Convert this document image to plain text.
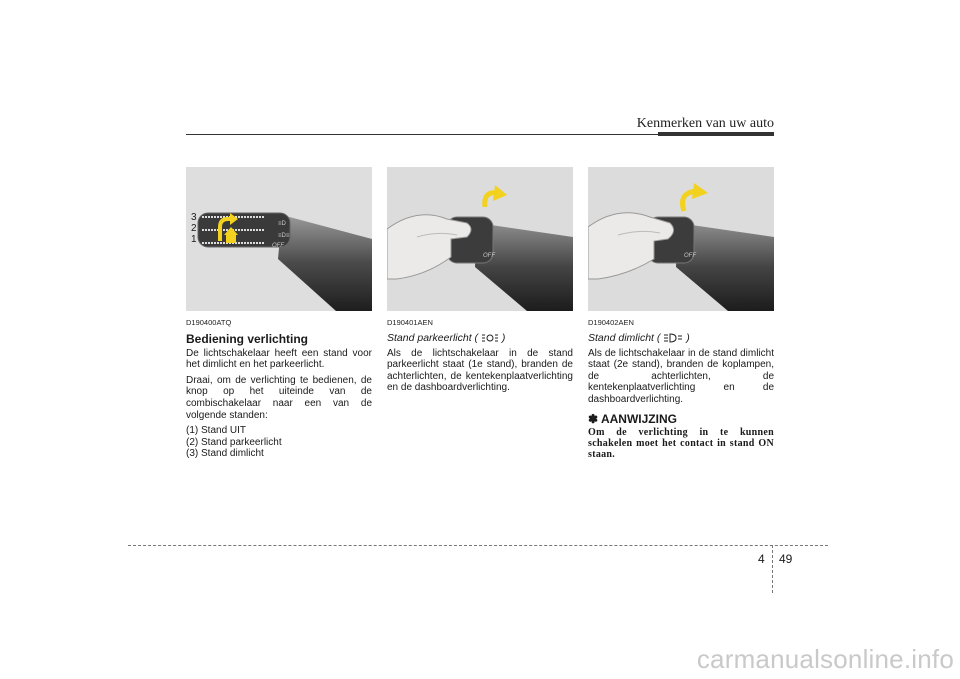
Kenmerken van uw auto
≡D
≡D≡
OFF
3
2
1
OTQ047131
OFF
OEN048061
OFF
OEN048062
D190400ATQ
Bediening verlichting

De lichtschakelaar heeft een stand voor het dimlicht en het parkeerlicht.

Draai, om de verlichting te bedienen, de knop op het uiteinde van de combischakelaar naar een van de volgende standen:

(1) Stand UIT

(2) Stand parkeerlicht

(3) Stand dimlicht

D190401AEN
Stand parkeerlicht ( )

Als de lichtschakelaar in de stand parkeerlicht staat (1e stand), branden de achterlichten, de kentekenplaatverlichting en de dashboardverlichting.

D190402AEN
Stand dimlicht ( )

Als de lichtschakelaar in de stand dimlicht staat (2e stand), branden de koplampen, de achterlichten, de kentekenplaatverlichting en de dashboardverlichting.

✽ AANWIJZING
Om de verlichting in te kunnen schakelen moet het contact in stand ON staan.
4 49
carmanualsonline.info
